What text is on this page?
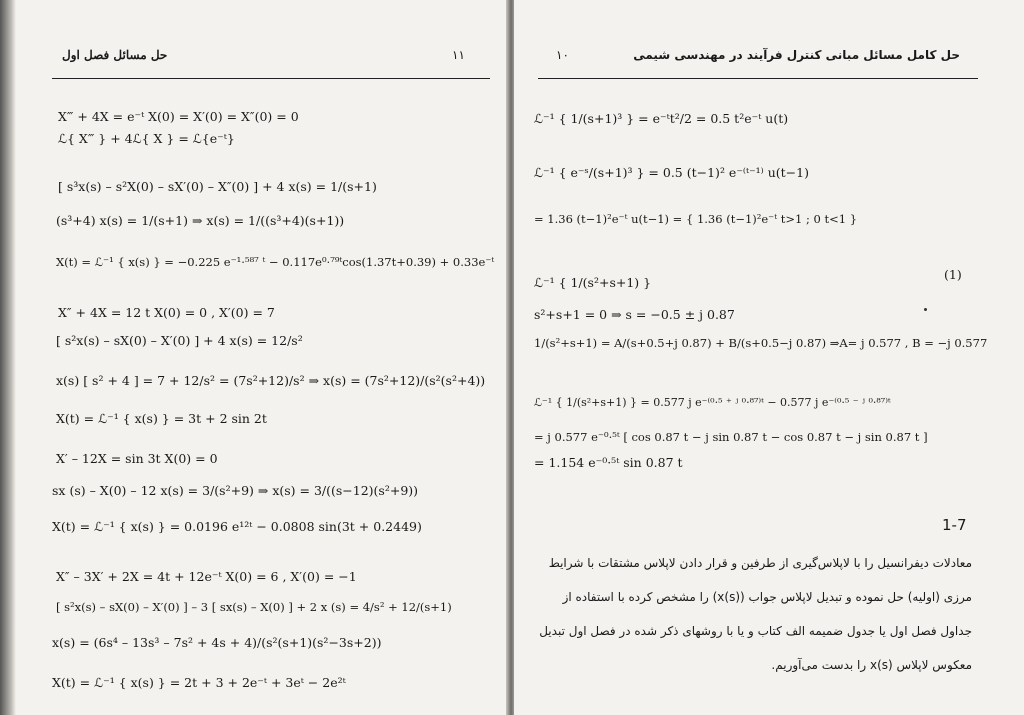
حل مسائل فصل اول	۱۱
X‴ + 4X = e⁻ᵗ X(0) = X′(0) = X″(0) = 0
ℒ{ X‴ } + 4ℒ{ X } = ℒ{e⁻ᵗ}
[ s³x(s) – s²X(0) – sX′(0) – X″(0) ] + 4 x(s) = 1/(s+1)
(s³+4) x(s) = 1/(s+1) ⇒ x(s) = 1/((s³+4)(s+1))
X(t) = ℒ⁻¹ { x(s) } = −0.225 e⁻¹·⁵⁸⁷ ᵗ − 0.117e⁰·⁷⁹ᵗcos(1.37t+0.39) + 0.33e⁻ᵗ
X″ + 4X = 12 t X(0) = 0 , X′(0) = 7
[ s²x(s) – sX(0) – X′(0) ] + 4 x(s) = 12/s²
x(s) [ s² + 4 ] = 7 + 12/s² = (7s²+12)/s² ⇒ x(s) = (7s²+12)/(s²(s²+4))
X(t) = ℒ⁻¹ { x(s) } = 3t + 2 sin 2t
X′ – 12X = sin 3t X(0) = 0
sx (s) – X(0) – 12 x(s) = 3/(s²+9) ⇒ x(s) = 3/((s−12)(s²+9))
X(t) = ℒ⁻¹ { x(s) } = 0.0196 e¹²ᵗ − 0.0808 sin(3t + 0.2449)
X″ – 3X′ + 2X = 4t + 12e⁻ᵗ X(0) = 6 , X′(0) = −1
[ s²x(s) – sX(0) – X′(0) ] – 3 [ sx(s) – X(0) ] + 2 x (s) = 4/s² + 12/(s+1)
x(s) = (6s⁴ – 13s³ – 7s² + 4s + 4)/(s²(s+1)(s²−3s+2))
X(t) = ℒ⁻¹ { x(s) } = 2t + 3 + 2e⁻ᵗ + 3eᵗ − 2e²ᵗ
حل کامل مسائل مبانی کنترل فرآیند در مهندسی شیمی
۱۰
ℒ⁻¹ { 1/(s+1)³ } = e⁻ᵗt²/2 = 0.5 t²e⁻ᵗ u(t)
ℒ⁻¹ { e⁻ˢ/(s+1)³ } = 0.5 (t−1)² e⁻⁽ᵗ⁻¹⁾ u(t−1)
= 1.36 (t−1)²e⁻ᵗ u(t−1) = { 1.36 (t−1)²e⁻ᵗ t>1 ; 0 t<1 }
ℒ⁻¹ { 1/(s²+s+1) }
(1)
s²+s+1 = 0 ⇒ s = −0.5 ± j 0.87
1/(s²+s+1) = A/(s+0.5+j 0.87) + B/(s+0.5−j 0.87) ⇒A= j 0.577 , B = −j 0.577
ℒ⁻¹ { 1/(s²+s+1) } = 0.577 j e⁻⁽⁰·⁵ ⁺ ʲ ⁰·⁸⁷⁾ᵗ − 0.577 j e⁻⁽⁰·⁵ ⁻ ʲ ⁰·⁸⁷⁾ᵗ
= j 0.577 e⁻⁰·⁵ᵗ [ cos 0.87 t − j sin 0.87 t − cos 0.87 t − j sin 0.87 t ]
= 1.154 e⁻⁰·⁵ᵗ sin 0.87 t
1-7
معادلات دیفرانسیل را با لاپلاس‌گیری از طرفین و قرار دادن لاپلاس مشتقات با شرایط
مرزی (اولیه) حل نموده و تبدیل لاپلاس جواب (x(s)) را مشخص کرده با استفاده از
جداول فصل اول یا جدول ضمیمه الف کتاب و یا با روشهای ذکر شده در فصل اول تبدیل
معکوس لاپلاس x(s) را بدست می‌آوریم.
